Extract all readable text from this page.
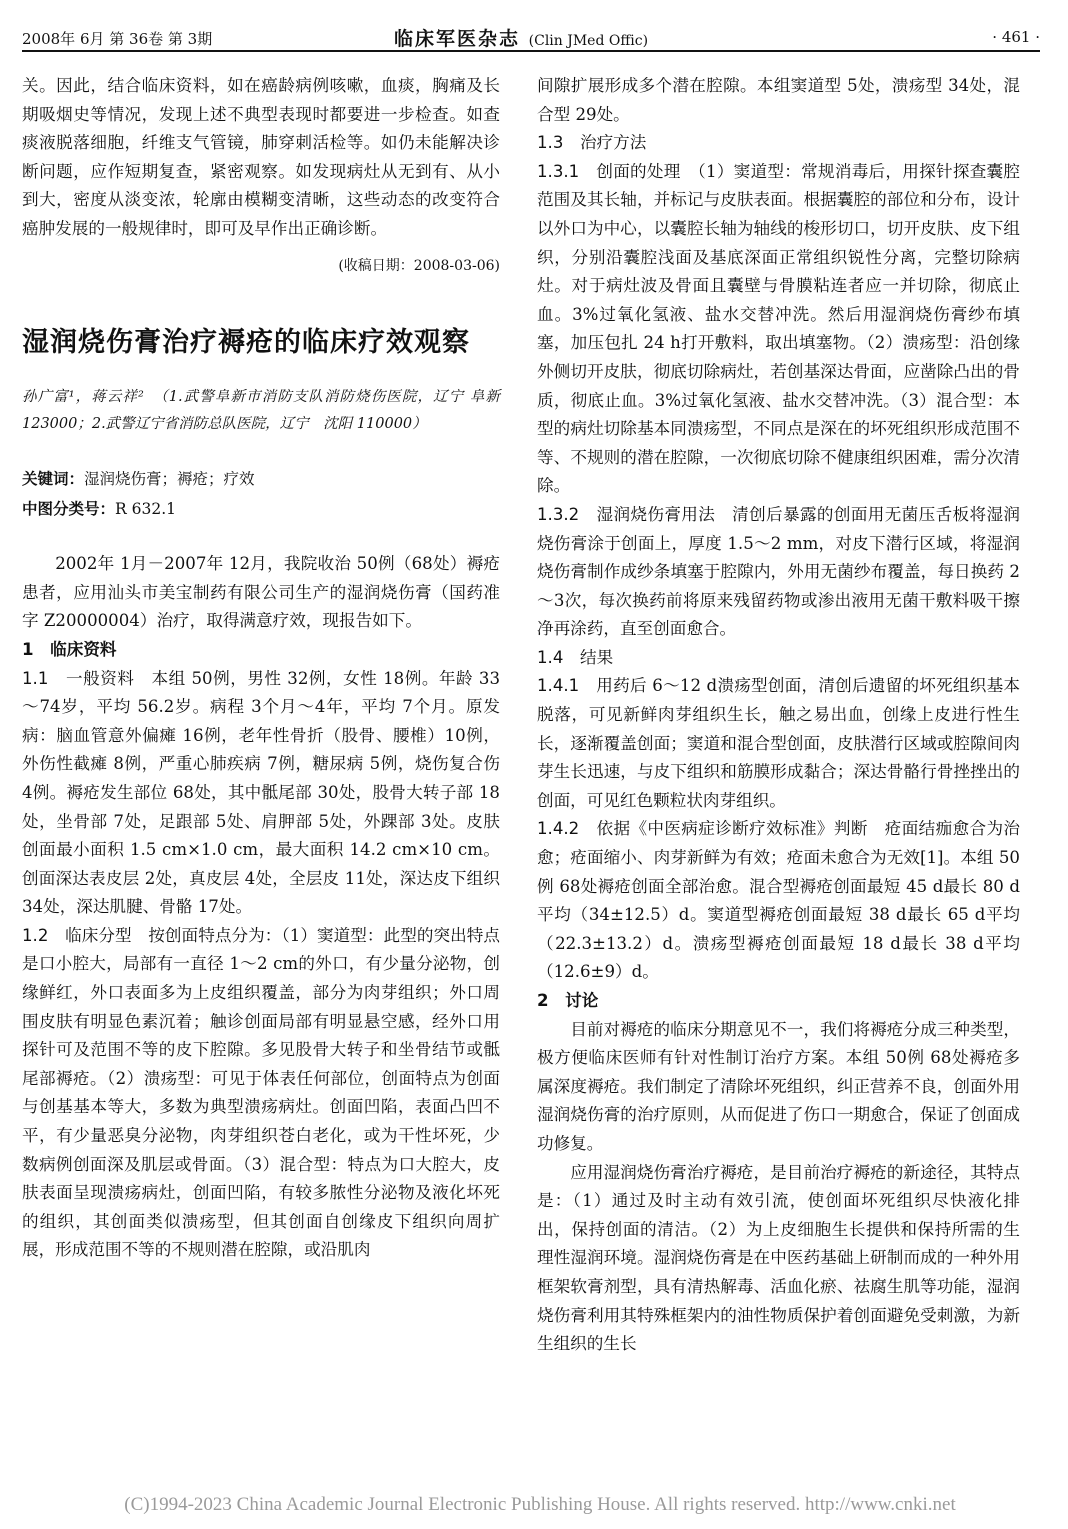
2008年 6月 第 36卷 第 3期	临床军医杂志 (Clin JMed Offic)	· 461 ·

关。因此，结合临床资料，如在癌龄病例咳嗽，血痰，胸痛及长期吸烟史等情况，发现上述不典型表现时都要进一步检查。如查痰液脱落细胞，纤维支气管镜，肺穿刺活检等。如仍未能解决诊断问题，应作短期复查，紧密观察。如发现病灶从无到有、从小到大，密度从淡变浓，轮廓由模糊变清晰，这些动态的改变符合癌肿发展的一般规律时，即可及早作出正确诊断。

(收稿日期：2008-03-06)

湿润烧伤膏治疗褥疮的临床疗效观察
孙广富¹，蒋云祥²　（1.武警阜新市消防支队消防烧伤医院，辽宁 阜新　123000；2.武警辽宁省消防总队医院，辽宁　沈阳 110000）
关键词：湿润烧伤膏；褥疮；疗效
中图分类号：R 632.1

2002年 1月－2007年 12月，我院收治 50例（68处）褥疮患者，应用汕头市美宝制药有限公司生产的湿润烧伤膏（国药准字 Z20000004）治疗，取得满意疗效，现报告如下。

1　临床资料

1.1　一般资料　 本组 50例，男性 32例，女性 18例。年龄 33～74岁，平均 56.2岁。病程 3个月～4年，平均 7个月。原发病：脑血管意外偏瘫 16例，老年性骨折（股骨、腰椎）10例，外伤性截瘫 8例，严重心肺疾病 7例，糖尿病 5例，烧伤复合伤 4例。褥疮发生部位 68处，其中骶尾部 30处，股骨大转子部 18处，坐骨部 7处，足跟部 5处、肩胛部 5处，外踝部 3处。皮肤创面最小面积 1.5 cm×1.0 cm，最大面积 14.2 cm×10 cm。创面深达表皮层 2处，真皮层 4处，全层皮 11处，深达皮下组织 34处，深达肌腱、骨骼 17处。

1.2　临床分型　 按创面特点分为：（1）窦道型：此型的突出特点是口小腔大，局部有一直径 1～2 cm的外口，有少量分泌物，创缘鲜红，外口表面多为上皮组织覆盖，部分为肉芽组织；外口周围皮肤有明显色素沉着；触诊创面局部有明显悬空感，经外口用探针可及范围不等的皮下腔隙。多见股骨大转子和坐骨结节或骶尾部褥疮。（2）溃疡型：可见于体表任何部位，创面特点为创面与创基基本等大，多数为典型溃疡病灶。创面凹陷，表面凸凹不平，有少量恶臭分泌物，肉芽组织苍白老化，或为干性坏死，少数病例创面深及肌层或骨面。（3）混合型：特点为口大腔大，皮肤表面呈现溃疡病灶，创面凹陷，有较多脓性分泌物及液化坏死的组织，其创面类似溃疡型，但其创面自创缘皮下组织向周扩展，形成范围不等的不规则潜在腔隙，或沿肌肉

间隙扩展形成多个潜在腔隙。本组窦道型 5处，溃疡型 34处，混合型 29处。

1.3　治疗方法

1.3.1　创面的处理　 （1）窦道型：常规消毒后，用探针探查囊腔范围及其长轴，并标记与皮肤表面。根据囊腔的部位和分布，设计以外口为中心，以囊腔长轴为轴线的梭形切口，切开皮肤、皮下组织，分别沿囊腔浅面及基底深面正常组织锐性分离，完整切除病灶。对于病灶波及骨面且囊壁与骨膜粘连者应一并切除，彻底止血。3%过氧化氢液、盐水交替冲洗。然后用湿润烧伤膏纱布填塞，加压包扎 24 h打开敷料，取出填塞物。（2）溃疡型：沿创缘外侧切开皮肤，彻底切除病灶，若创基深达骨面，应凿除凸出的骨质，彻底止血。3%过氧化氢液、盐水交替冲洗。（3）混合型：本型的病灶切除基本同溃疡型，不同点是深在的坏死组织形成范围不等、不规则的潜在腔隙，一次彻底切除不健康组织困难，需分次清除。

1.3.2　湿润烧伤膏用法　 清创后暴露的创面用无菌压舌板将湿润烧伤膏涂于创面上，厚度 1.5～2 mm，对皮下潜行区域，将湿润烧伤膏制作成纱条填塞于腔隙内，外用无菌纱布覆盖，每日换药 2～3次，每次换药前将原来残留药物或渗出液用无菌干敷料吸干擦净再涂药，直至创面愈合。

1.4　结果

1.4.1　 用药后 6～12 d溃疡型创面，清创后遗留的坏死组织基本脱落，可见新鲜肉芽组织生长，触之易出血，创缘上皮进行性生长，逐渐覆盖创面；窦道和混合型创面，皮肤潜行区域或腔隙间肉芽生长迅速，与皮下组织和筋膜形成黏合；深达骨骼行骨挫挫出的创面，可见红色颗粒状肉芽组织。

1.4.2　 依据《中医病症诊断疗效标准》判断　疮面结痂愈合为治愈；疮面缩小、肉芽新鲜为有效；疮面未愈合为无效[1]。本组 50例 68处褥疮创面全部治愈。混合型褥疮创面最短 45 d最长 80 d平均（34±12.5）d。窦道型褥疮创面最短 38 d最长 65 d平均（22.3±13.2）d。溃疡型褥疮创面最短 18 d最长 38 d平均（12.6±9）d。

2　讨论

目前对褥疮的临床分期意见不一，我们将褥疮分成三种类型，极方便临床医师有针对性制订治疗方案。本组 50例 68处褥疮多属深度褥疮。我们制定了清除坏死组织，纠正营养不良，创面外用湿润烧伤膏的治疗原则，从而促进了伤口一期愈合，保证了创面成功修复。

应用湿润烧伤膏治疗褥疮，是目前治疗褥疮的新途径，其特点是：（1）通过及时主动有效引流，使创面坏死组织尽快液化排出，保持创面的清洁。（2）为上皮细胞生长提供和保持所需的生理性湿润环境。湿润烧伤膏是在中医药基础上研制而成的一种外用框架软膏剂型，具有清热解毒、活血化瘀、祛腐生肌等功能，湿润烧伤膏利用其特殊框架内的油性物质保护着创面避免受刺激，为新生组织的生长

(C)1994-2023 China Academic Journal Electronic Publishing House. All rights reserved. http://www.cnki.net
